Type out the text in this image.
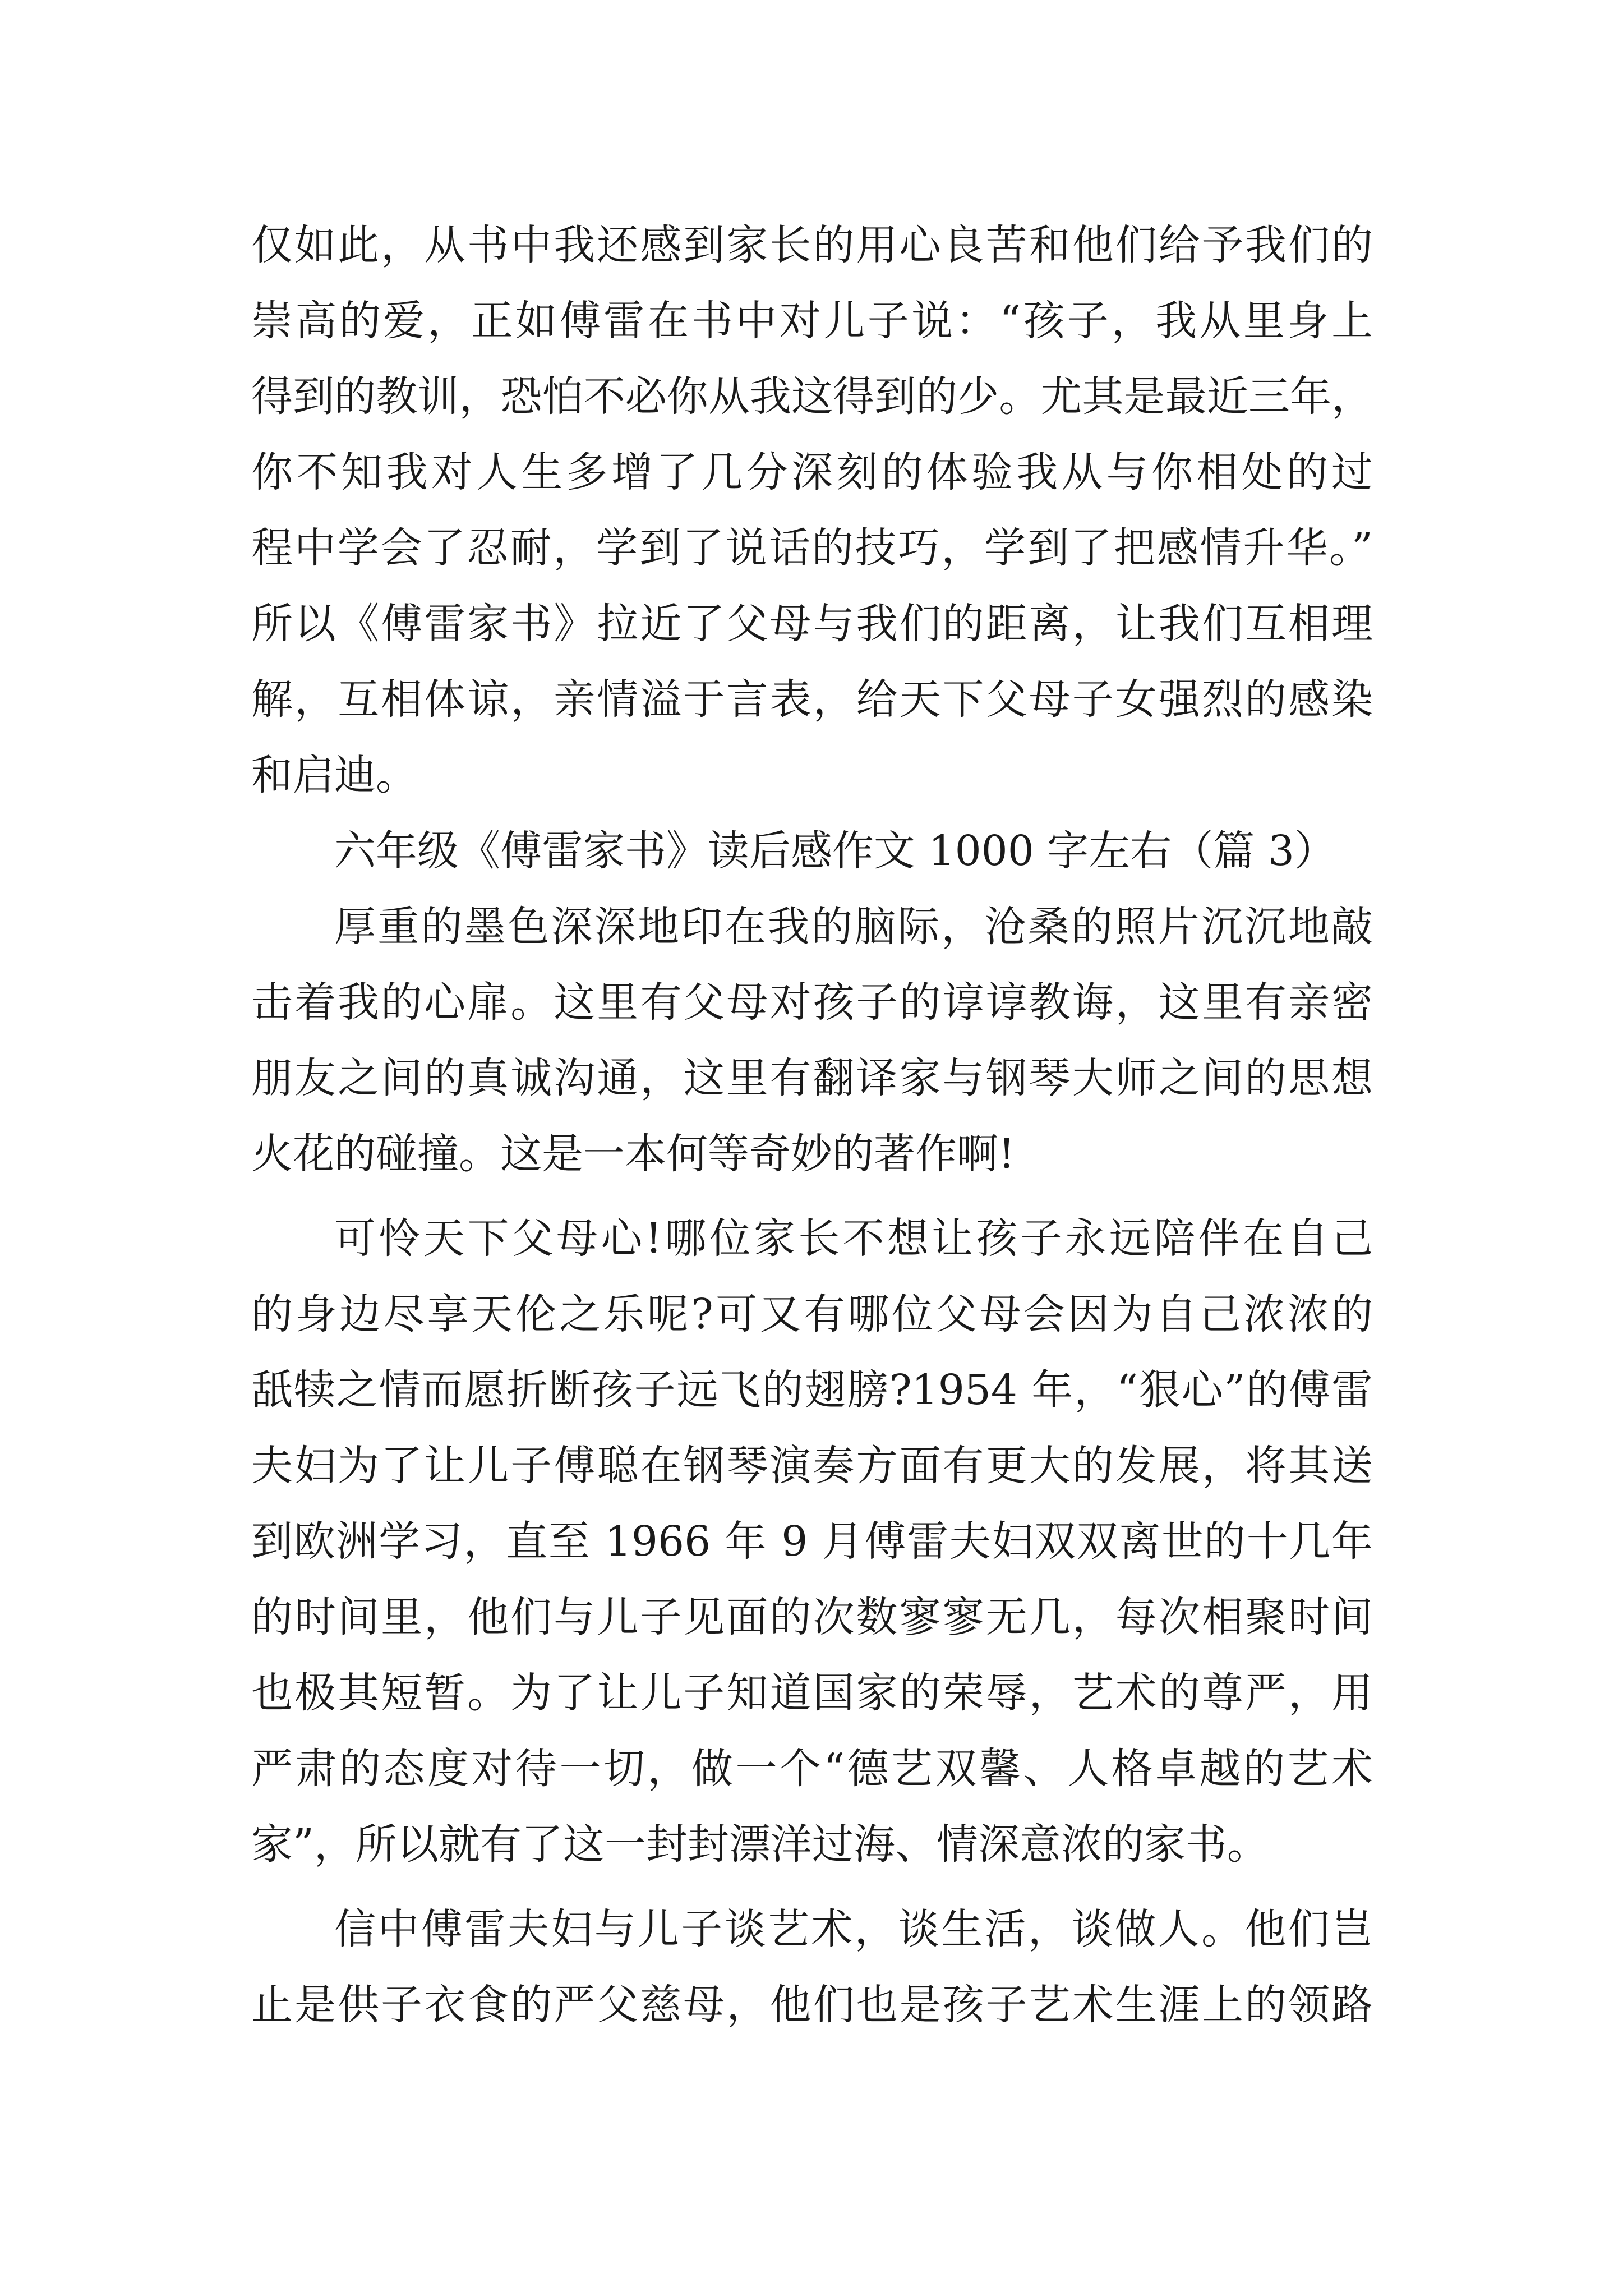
仅如此，从书中我还感到家长的用心良苦和他们给予我们的
崇高的爱，正如傅雷在书中对儿子说：“孩子，我从里身上
得到的教训，恐怕不必你从我这得到的少。尤其是最近三年，
你不知我对人生多增了几分深刻的体验我从与你相处的过
程中学会了忍耐，学到了说话的技巧，学到了把感情升华。”
所以《傅雷家书》拉近了父母与我们的距离，让我们互相理
解，互相体谅，亲情溢于言表，给天下父母子女强烈的感染
和启迪。
六年级《傅雷家书》读后感作文 1000 字左右（篇 3）
厚重的墨色深深地印在我的脑际，沧桑的照片沉沉地敲
击着我的心扉。这里有父母对孩子的谆谆教诲，这里有亲密
朋友之间的真诚沟通，这里有翻译家与钢琴大师之间的思想
火花的碰撞。这是一本何等奇妙的著作啊!
可怜天下父母心!哪位家长不想让孩子永远陪伴在自己
的身边尽享天伦之乐呢?可又有哪位父母会因为自己浓浓的
舐犊之情而愿折断孩子远飞的翅膀?1954 年，“狠心”的傅雷
夫妇为了让儿子傅聪在钢琴演奏方面有更大的发展，将其送
到欧洲学习，直至 1966 年 9 月傅雷夫妇双双离世的十几年
的时间里，他们与儿子见面的次数寥寥无几，每次相聚时间
也极其短暂。为了让儿子知道国家的荣辱，艺术的尊严，用
严肃的态度对待一切，做一个“德艺双馨、人格卓越的艺术
家”，所以就有了这一封封漂洋过海、情深意浓的家书。
信中傅雷夫妇与儿子谈艺术，谈生活，谈做人。他们岂
止是供子衣食的严父慈母，他们也是孩子艺术生涯上的领路
